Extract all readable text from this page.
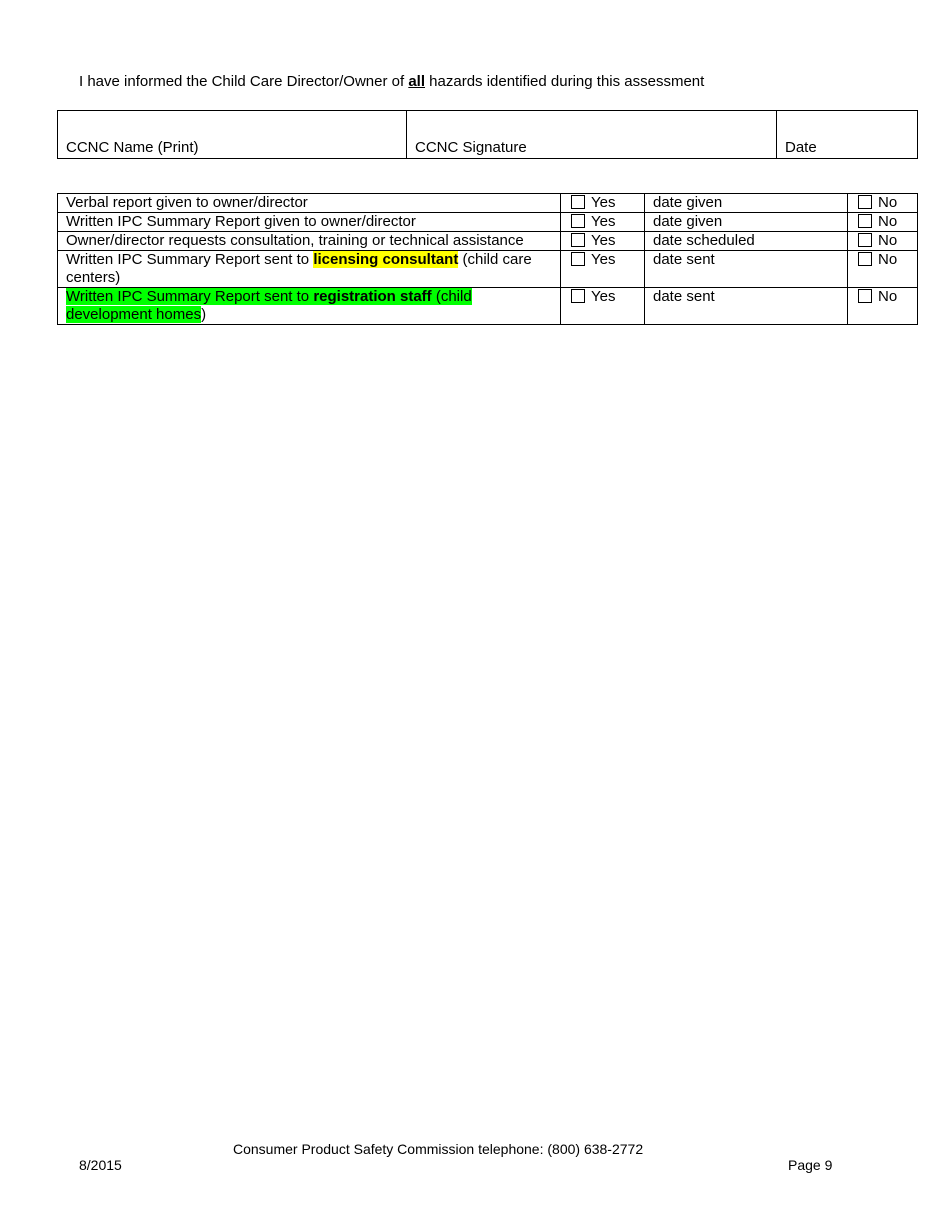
I have informed the Child Care Director/Owner of all hazards identified during this assessment
CCNC Name (Print)	CCNC Signature	Date
Verbal report given to owner/director	Yes	date given	No
Written IPC Summary Report given to owner/director	Yes	date given	No
Owner/director requests consultation, training or technical assistance	Yes	date scheduled	No
Written IPC Summary Report sent to licensing consultant (child care centers)	Yes	date sent	No
Written IPC Summary Report sent to registration staff (child development homes)	Yes	date sent	No
Consumer Product Safety Commission telephone: (800) 638-2772
8/2015	Page 9
